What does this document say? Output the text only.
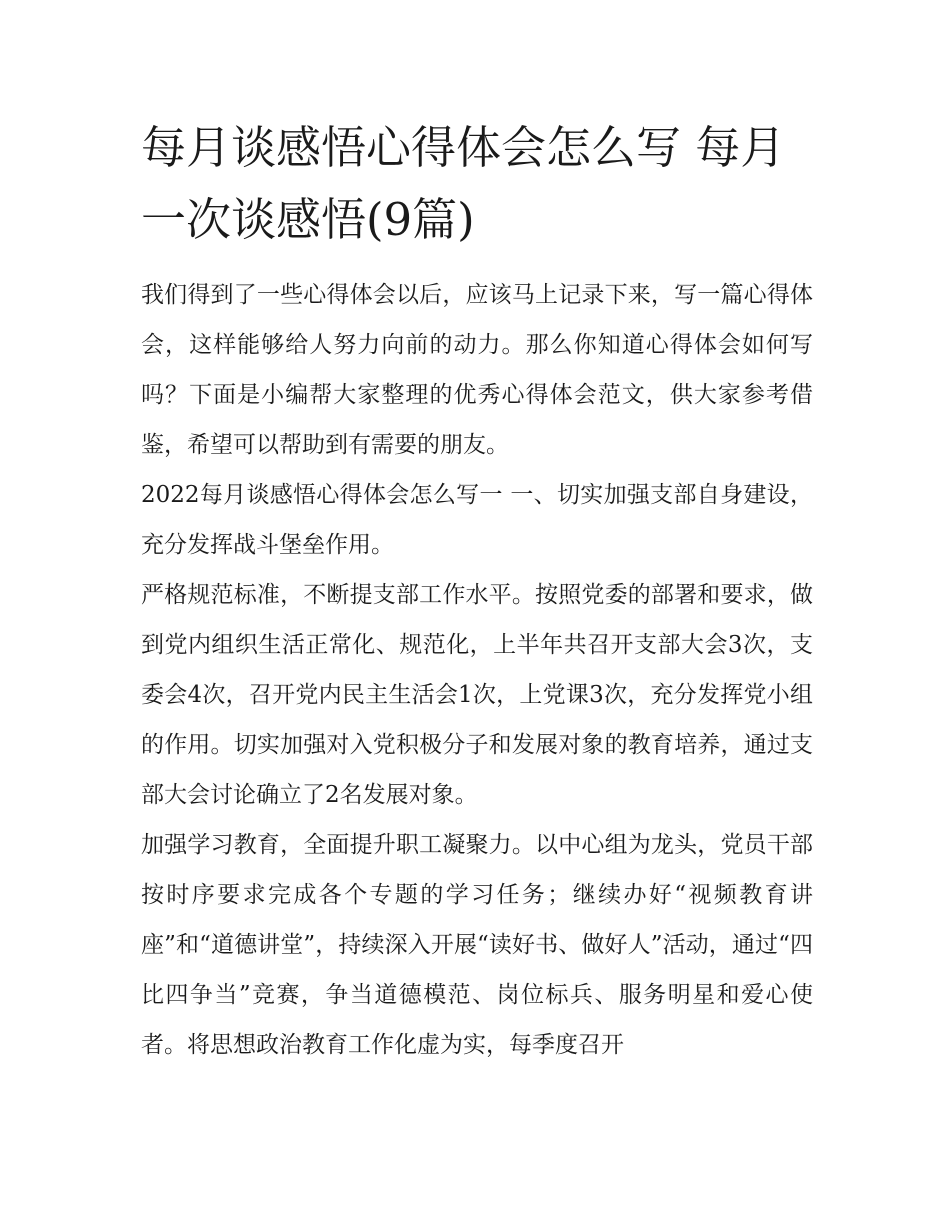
每月谈感悟心得体会怎么写 每月一次谈感悟(9篇)

我们得到了一些心得体会以后，应该马上记录下来，写一篇心得体会，这样能够给人努力向前的动力。那么你知道心得体会如何写吗？下面是小编帮大家整理的优秀心得体会范文，供大家参考借鉴，希望可以帮助到有需要的朋友。

2022每月谈感悟心得体会怎么写一 一、切实加强支部自身建设，充分发挥战斗堡垒作用。

严格规范标准，不断提支部工作水平。按照党委的部署和要求，做到党内组织生活正常化、规范化，上半年共召开支部大会3次，支委会4次，召开党内民主生活会1次，上党课3次，充分发挥党小组的作用。切实加强对入党积极分子和发展对象的教育培养，通过支部大会讨论确立了2名发展对象。

加强学习教育，全面提升职工凝聚力。以中心组为龙头，党员干部按时序要求完成各个专题的学习任务；继续办好“视频教育讲座”和“道德讲堂”，持续深入开展“读好书、做好人”活动，通过“四比四争当”竞赛，争当道德模范、岗位标兵、服务明星和爱心使者。将思想政治教育工作化虚为实，每季度召开
